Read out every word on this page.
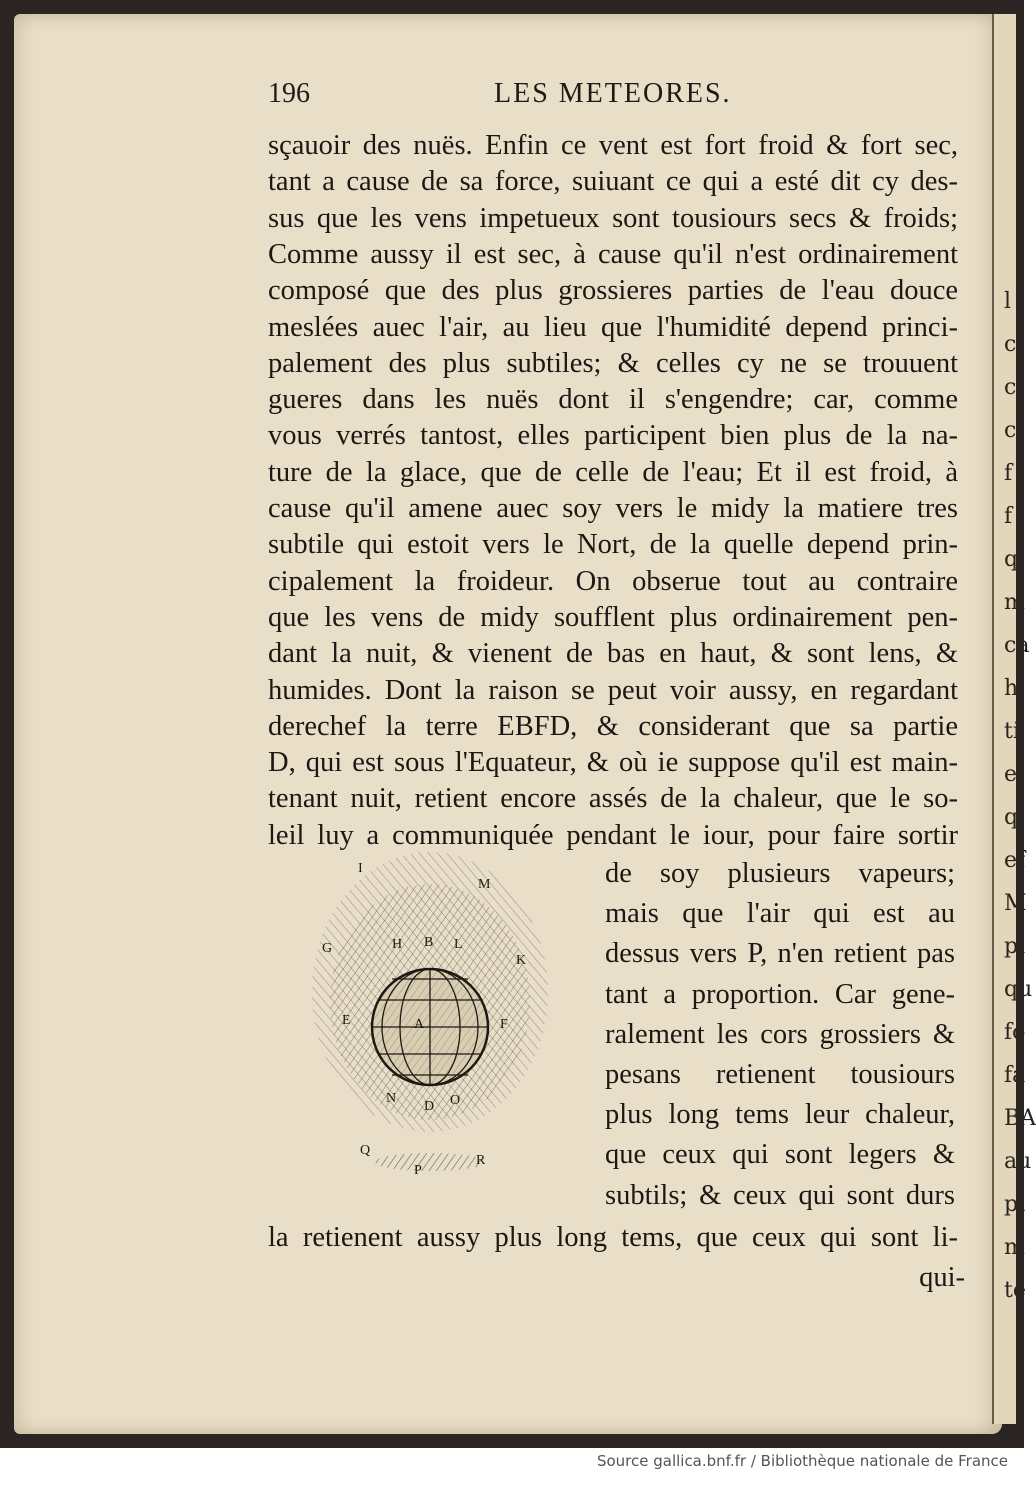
l
c
c
c
f
f
q
m
ca
h
ti
el
q
ef
M
pl
qu
fo
fa
BA
au
pi
m
te
196	LES METEORES.
sçauoir des nuës. Enfin ce vent est fort froid & fort sec,
tant a cause de sa force, suiuant ce qui a esté dit cy des-
sus que les vens impetueux sont tousiours secs & froids;
Comme aussy il est sec, à cause qu'il n'est ordinairement
composé que des plus grossieres parties de l'eau douce
meslées auec l'air, au lieu que l'humidité depend princi-
palement des plus subtiles; & celles cy ne se trouuent
gueres dans les nuës dont il s'engendre; car, comme
vous verrés tantost, elles participent bien plus de la na-
ture de la glace, que de celle de l'eau; Et il est froid, à
cause qu'il amene auec soy vers le midy la matiere tres
subtile qui estoit vers le Nort, de la quelle depend prin-
cipalement la froideur. On obserue tout au contraire
que les vens de midy soufflent plus ordinairement pen-
dant la nuit, & vienent de bas en haut, & sont lens, &
humides. Dont la raison se peut voir aussy, en regardant
derechef la terre EBFD, & considerant que sa partie
D, qui est sous l'Equateur, & où ie suppose qu'il est main-
tenant nuit, retient encore assés de la chaleur, que le so-
leil luy a communiquée pendant le iour, pour faire sortir
de soy plusieurs vapeurs;
mais que l'air qui est au
dessus vers P, n'en retient pas
tant a proportion. Car gene-
ralement les cors grossiers &
pesans retienent tousiours
plus long tems leur chaleur,
que ceux qui sont legers &
subtils; & ceux qui sont durs
la retienent aussy plus long tems, que ceux qui sont li-
qui-
I
M
G	H B L
K
E	A	F
N
D O
Q
P
R
Source gallica.bnf.fr / Bibliothèque nationale de France
